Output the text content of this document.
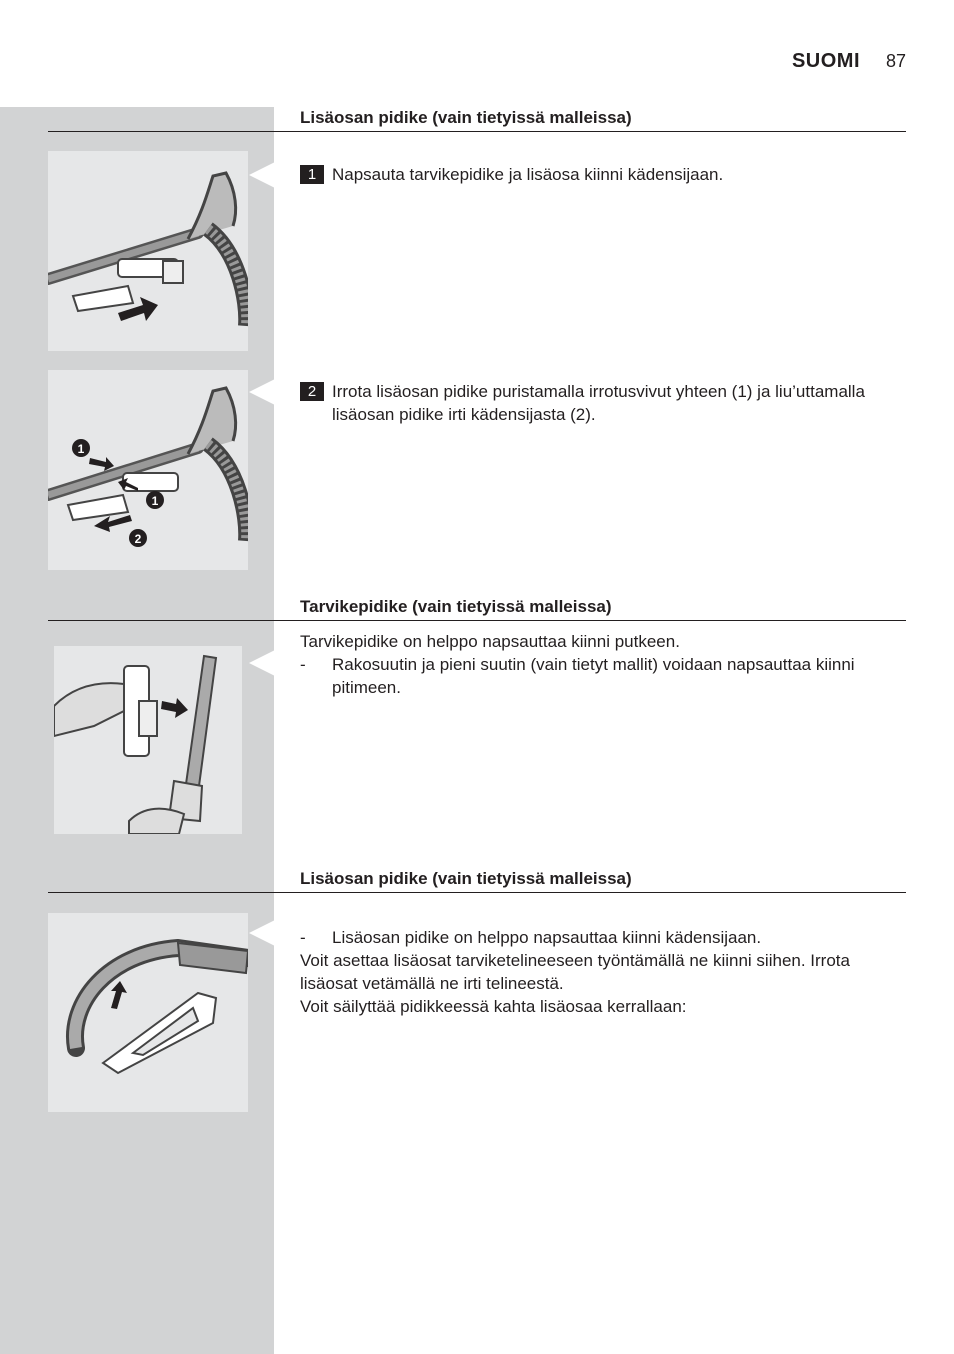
SUOMI 87
Lisäosan pidike (vain tietyissä malleissa)
1 Napsauta tarvikepidike ja lisäosa kiinni kädensijaan.
1
1
2
2 Irrota lisäosan pidike puristamalla irrotusvivut yhteen (1) ja liu’uttamalla lisäosan pidike irti kädensijasta (2).
Tarvikepidike (vain tietyissä malleissa)

Tarvikepidike on helppo napsauttaa kiinni putkeen.

- Rakosuutin ja pieni suutin (vain tietyt mallit) voidaan napsauttaa kiinni pitimeen.
Lisäosan pidike (vain tietyissä malleissa)
- Lisäosan pidike on helppo napsauttaa kiinni kädensijaan.

Voit asettaa lisäosat tarviketelineeseen työntämällä ne kiinni siihen. Irrota lisäosat vetämällä ne irti telineestä.

Voit säilyttää pidikkeessä kahta lisäosaa kerrallaan:
